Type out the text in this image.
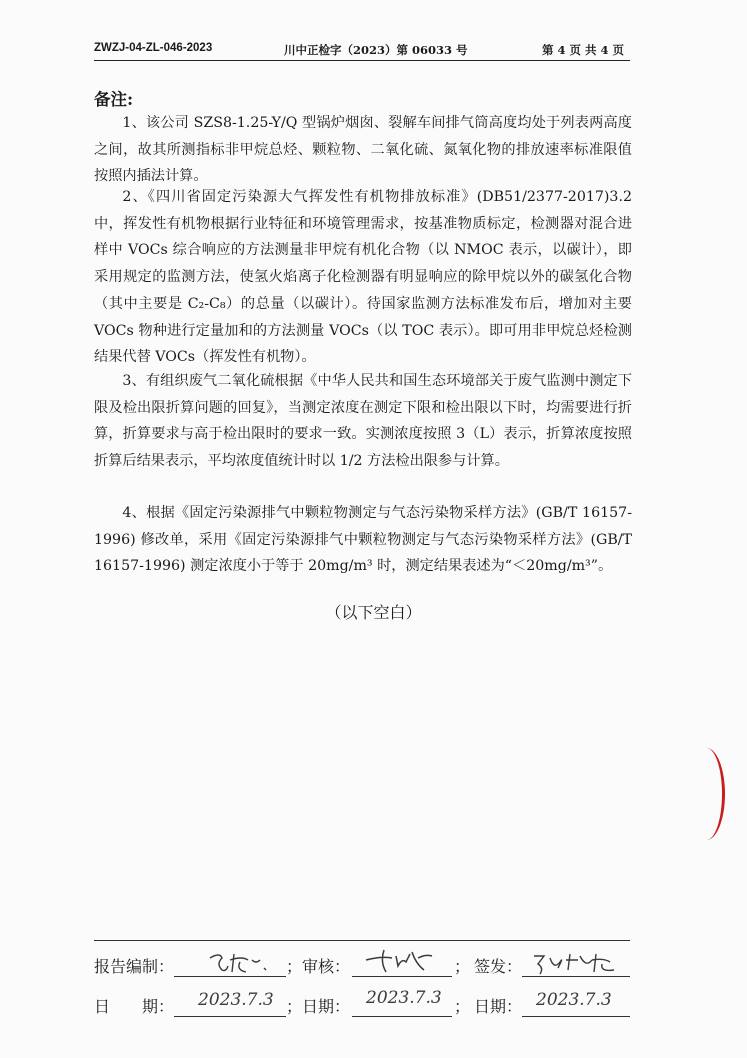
ZWZJ-04-ZL-046-2023	川中正检字（2023）第 06033 号	第 4 页 共 4 页
备注:

1、该公司 SZS8-1.25-Y/Q 型锅炉烟囱、裂解车间排气筒高度均处于列表两高度之间，故其所测指标非甲烷总烃、颗粒物、二氧化硫、氮氧化物的排放速率标准限值按照内插法计算。

2、《四川省固定污染源大气挥发性有机物排放标准》(DB51/2377-2017)3.2 中，挥发性有机物根据行业特征和环境管理需求，按基准物质标定，检测器对混合进样中 VOCs 综合响应的方法测量非甲烷有机化合物（以 NMOC 表示，以碳计），即采用规定的监测方法，使氢火焰离子化检测器有明显响应的除甲烷以外的碳氢化合物（其中主要是 C₂-C₈）的总量（以碳计）。待国家监测方法标准发布后，增加对主要 VOCs 物种进行定量加和的方法测量 VOCs（以 TOC 表示）。即可用非甲烷总烃检测结果代替 VOCs（挥发性有机物）。

3、有组织废气二氧化硫根据《中华人民共和国生态环境部关于废气监测中测定下限及检出限折算问题的回复》，当测定浓度在测定下限和检出限以下时，均需要进行折算，折算要求与高于检出限时的要求一致。实测浓度按照 3（L）表示，折算浓度按照折算后结果表示，平均浓度值统计时以 1/2 方法检出限参与计算。

4、根据《固定污染源排气中颗粒物测定与气态污染物采样方法》(GB/T 16157-1996) 修改单，采用《固定污染源排气中颗粒物测定与气态污染物采样方法》(GB/T 16157-1996) 测定浓度小于等于 20mg/m³ 时，测定结果表述为“＜20mg/m³”。

（以下空白）
报告编制：	； 审核：	； 签发：
日　　期： 2023.7.3 ； 日期： 2023.7.3 ； 日期： 2023.7.3
